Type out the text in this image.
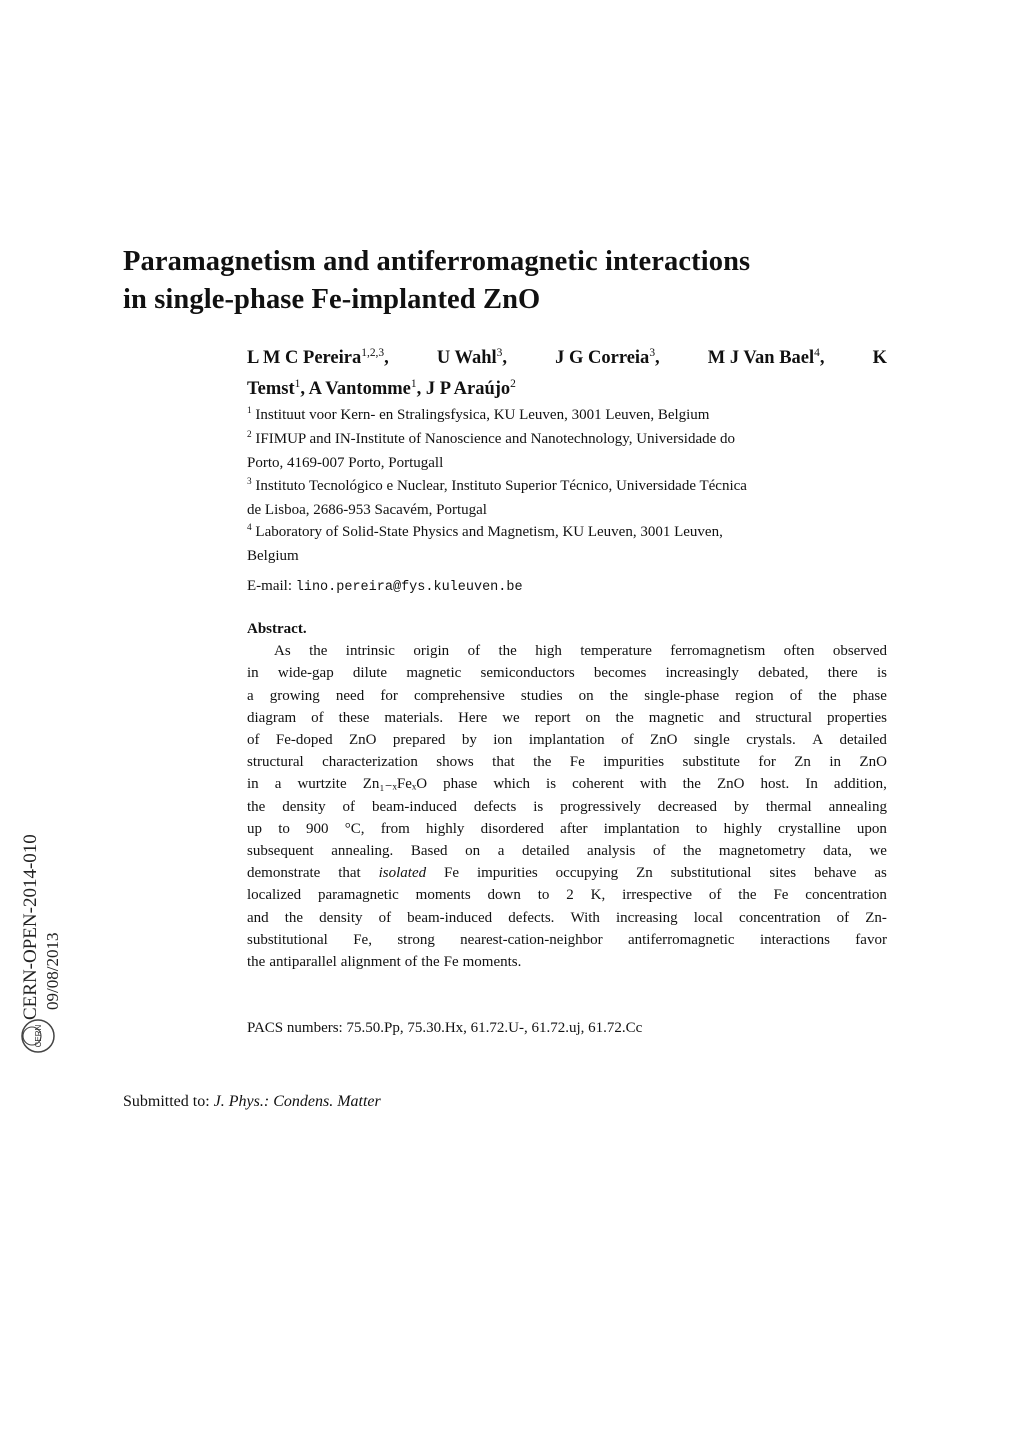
Paramagnetism and antiferromagnetic interactions
in single-phase Fe-implanted ZnO
L M C Pereira$^{1,2,3}$,	U Wahl$^3$,	J G Correia$^3$,	M J Van Bael$^4$,	K
Temst$^1$, A Vantomme$^1$, J P Araújo$^2$
$^1$ Instituut voor Kern- en Stralingsfysica, KU Leuven, 3001 Leuven, Belgium
$^2$ IFIMUP and IN-Institute of Nanoscience and Nanotechnology, Universidade do
Porto, 4169-007 Porto, Portugall
$^3$ Instituto Tecnológico e Nuclear, Instituto Superior Técnico, Universidade Técnica
de Lisboa, 2686-953 Sacavém, Portugal
$^4$ Laboratory of Solid-State Physics and Magnetism, KU Leuven, 3001 Leuven,
Belgium
E-mail: lino.pereira@fys.kuleuven.be
Abstract.
As the intrinsic origin of the high temperature ferromagnetism often observed
in wide-gap dilute magnetic semiconductors becomes increasingly debated, there is
a growing need for comprehensive studies on the single-phase region of the phase
diagram of these materials. Here we report on the magnetic and structural properties
of Fe-doped ZnO prepared by ion implantation of ZnO single crystals. A detailed
structural characterization shows that the Fe impurities substitute for Zn in ZnO
in a wurtzite Zn₁₋ₓFeₓO phase which is coherent with the ZnO host. In addition,
the density of beam-induced defects is progressively decreased by thermal annealing
up to 900 °C, from highly disordered after implantation to highly crystalline upon
subsequent annealing. Based on a detailed analysis of the magnetometry data, we
demonstrate that isolated Fe impurities occupying Zn substitutional sites behave as
localized paramagnetic moments down to 2 K, irrespective of the Fe concentration
and the density of beam-induced defects. With increasing local concentration of Zn-
substitutional Fe, strong nearest-cation-neighbor antiferromagnetic interactions favor
the antiparallel alignment of the Fe moments.
PACS numbers: 75.50.Pp, 75.30.Hx, 61.72.U-, 61.72.uj, 61.72.Cc
Submitted to: J. Phys.: Condens. Matter
CERN-OPEN-2014-010 09/08/2013
CERN
